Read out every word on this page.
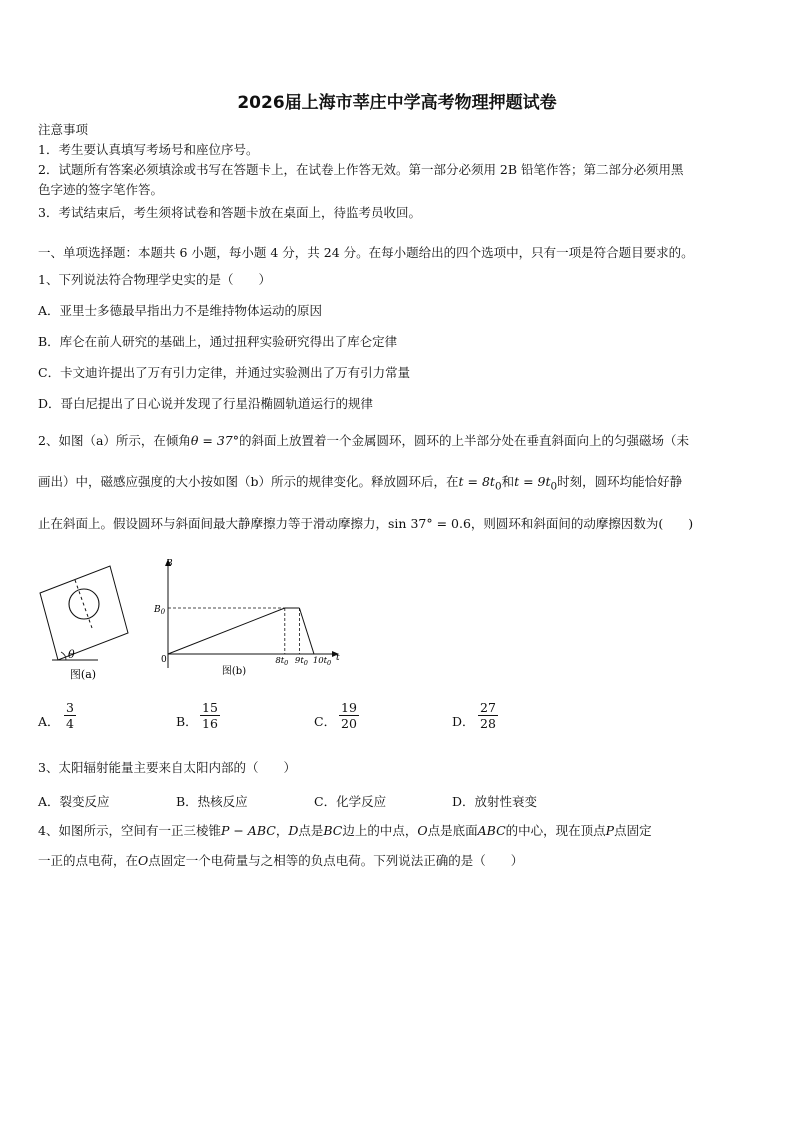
2026届上海市莘庄中学高考物理押题试卷
注意事项
1．考生要认真填写考场号和座位序号。
2．试题所有答案必须填涂或书写在答题卡上，在试卷上作答无效。第一部分必须用 2B 铅笔作答；第二部分必须用黑
色字迹的签字笔作答。
3．考试结束后，考生须将试卷和答题卡放在桌面上，待监考员收回。
一、单项选择题：本题共 6 小题，每小题 4 分，共 24 分。在每小题给出的四个选项中，只有一项是符合题目要求的。
1、下列说法符合物理学史实的是（　　）
A．亚里士多德最早指出力不是维持物体运动的原因
B．库仑在前人研究的基础上，通过扭秤实验研究得出了库仑定律
C．卡文迪许提出了万有引力定律，并通过实验测出了万有引力常量
D．哥白尼提出了日心说并发现了行星沿椭圆轨道运行的规律
2、如图（a）所示，在倾角θ = 37°的斜面上放置着一个金属圆环，圆环的上半部分处在垂直斜面向上的匀强磁场（未
画出）中，磁感应强度的大小按如图（b）所示的规律变化。释放圆环后，在$t = 8t_0$和$t = 9t_0$时刻，圆环均能恰好静
止在斜面上。假设圆环与斜面间最大静摩擦力等于滑动摩擦力，sin 37° = 0.6，则圆环和斜面间的动摩擦因数为(　　)
θ
图(a)
B
t
0
$B_0$
$8t_0$ $9t_0$ $10t_0$
图(b)
A．
3
4	B．
15
16	C．
19
20	D．
27
28
3、太阳辐射能量主要来自太阳内部的（　　）
A．裂变反应	B．热核反应	C．化学反应	D．放射性衰变
4、如图所示，空间有一正三棱锥P − ABC，D点是BC边上的中点，O点是底面ABC的中心，现在顶点P点固定
一正的点电荷，在O点固定一个电荷量与之相等的负点电荷。下列说法正确的是（　　）
